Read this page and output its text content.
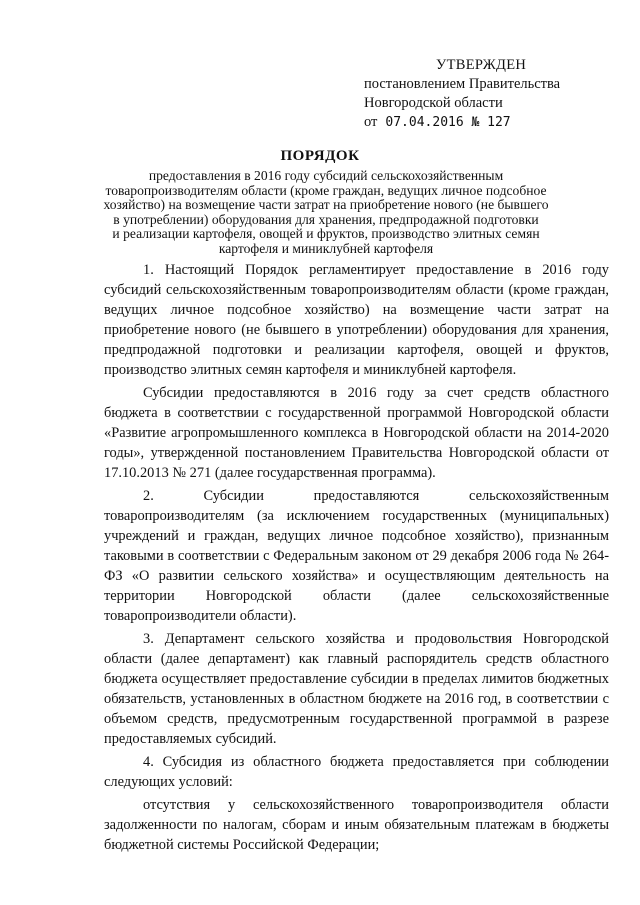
УТВЕРЖДЕН
постановлением Правительства
Новгородской области
от 07.04.2016 № 127
ПОРЯДОК
предоставления в 2016 году субсидий сельскохозяйственным
товаропроизводителям области (кроме граждан, ведущих личное подсобное
хозяйство) на возмещение части затрат на приобретение нового (не бывшего
в употреблении) оборудования для хранения, предпродажной подготовки
и реализации картофеля, овощей и фруктов, производство элитных семян
картофеля и миниклубней картофеля

1. Настоящий Порядок регламентирует предоставление в 2016 году субсидий сельскохозяйственным товаропроизводителям области (кроме граждан, ведущих личное подсобное хозяйство) на возмещение части затрат на приобретение нового (не бывшего в употреблении) оборудования для хранения, предпродажной подготовки и реализации картофеля, овощей и фруктов, производство элитных семян картофеля и миниклубней картофеля.

Субсидии предоставляются в 2016 году за счет средств областного бюджета в соответствии с государственной программой Новгородской области «Развитие агропромышленного комплекса в Новгородской области на 2014-2020 годы», утвержденной постановлением Правительства Новгородской области от 17.10.2013 № 271 (далее государственная программа).

2. Субсидии предоставляются сельскохозяйственным товаропроизводителям (за исключением государственных (муниципальных) учреждений и граждан, ведущих личное подсобное хозяйство), признанным таковыми в соответствии с Федеральным законом от 29 декабря 2006 года № 264-ФЗ «О развитии сельского хозяйства» и осуществляющим деятельность на территории Новгородской области (далее сельскохозяйственные товаропроизводители области).

3. Департамент сельского хозяйства и продовольствия Новгородской области (далее департамент) как главный распорядитель средств областного бюджета осуществляет предоставление субсидии в пределах лимитов бюджетных обязательств, установленных в областном бюджете на 2016 год, в соответствии с объемом средств, предусмотренным государственной программой в разрезе предоставляемых субсидий.

4. Субсидия из областного бюджета предоставляется при соблюдении следующих условий:

отсутствия у сельскохозяйственного товаропроизводителя области задолженности по налогам, сборам и иным обязательным платежам в бюджеты бюджетной системы Российской Федерации;
